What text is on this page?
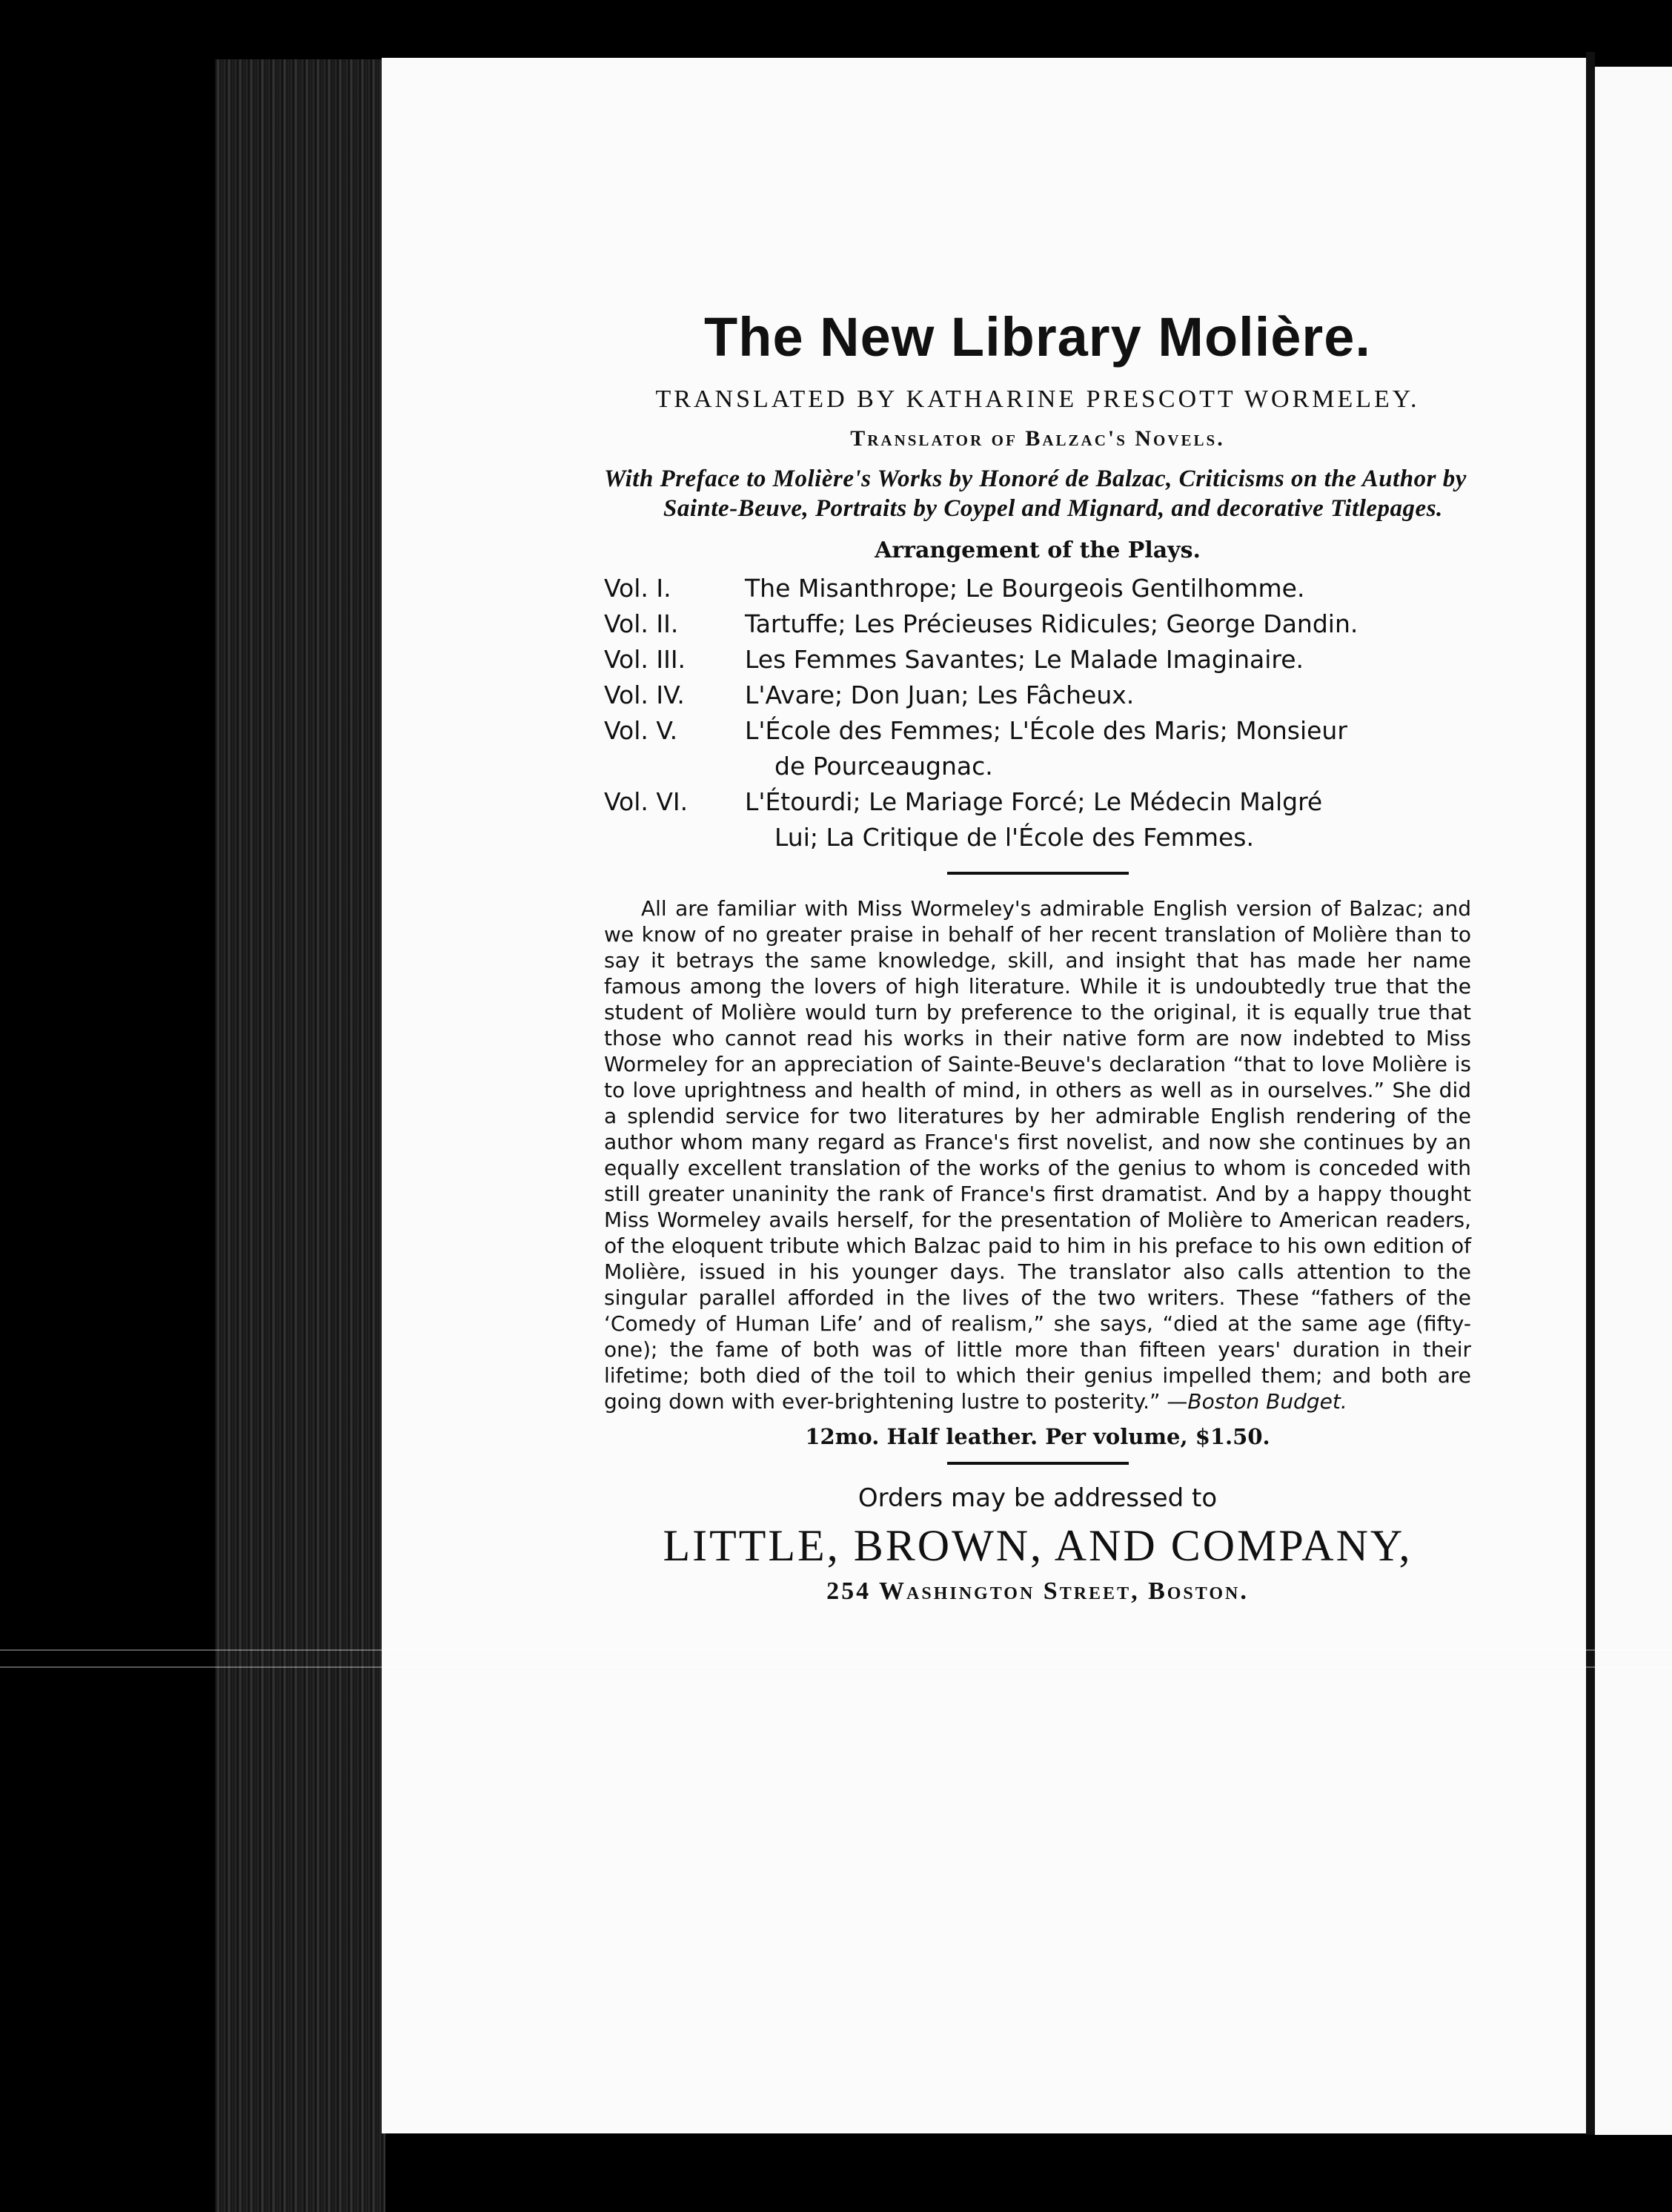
The New Library Molière.
TRANSLATED BY KATHARINE PRESCOTT WORMELEY.
Translator of Balzac's Novels.

With Preface to Molière's Works by Honoré de Balzac, Criticisms on the Author by Sainte-Beuve, Portraits by Coypel and Mignard, and decorative Titlepages.

Arrangement of the Plays.
Vol. I.	The Misanthrope; Le Bourgeois Gentilhomme.
Vol. II.	Tartuffe; Les Précieuses Ridicules; George Dandin.
Vol. III.	Les Femmes Savantes; Le Malade Imaginaire.
Vol. IV.	L'Avare; Don Juan; Les Fâcheux.
Vol. V.	L'École des Femmes; L'École des Maris; Monsieur
de Pourceaugnac.
Vol. VI.	L'Étourdi; Le Mariage Forcé; Le Médecin Malgré
Lui; La Critique de l'École des Femmes.

All are familiar with Miss Wormeley's admirable English version of Balzac; and we know of no greater praise in behalf of her recent translation of Molière than to say it betrays the same knowledge, skill, and insight that has made her name famous among the lovers of high literature. While it is undoubtedly true that the student of Molière would turn by preference to the original, it is equally true that those who cannot read his works in their native form are now indebted to Miss Wormeley for an appreciation of Sainte-Beuve's declaration “that to love Molière is to love uprightness and health of mind, in others as well as in ourselves.” She did a splendid service for two literatures by her admirable English rendering of the author whom many regard as France's first novelist, and now she continues by an equally excellent translation of the works of the genius to whom is conceded with still greater unaninity the rank of France's first dramatist. And by a happy thought Miss Wormeley avails herself, for the presentation of Molière to American readers, of the eloquent tribute which Balzac paid to him in his preface to his own edition of Molière, issued in his younger days. The translator also calls attention to the singular parallel afforded in the lives of the two writers. These “fathers of the ‘Comedy of Human Life’ and of realism,” she says, “died at the same age (fifty-one); the fame of both was of little more than fifteen years' duration in their lifetime; both died of the toil to which their genius impelled them; and both are going down with ever-brightening lustre to posterity.” —Boston Budget.

12mo. Half leather. Per volume, $1.50.
Orders may be addressed to
LITTLE, BROWN, AND COMPANY,
254 Washington Street, Boston.
